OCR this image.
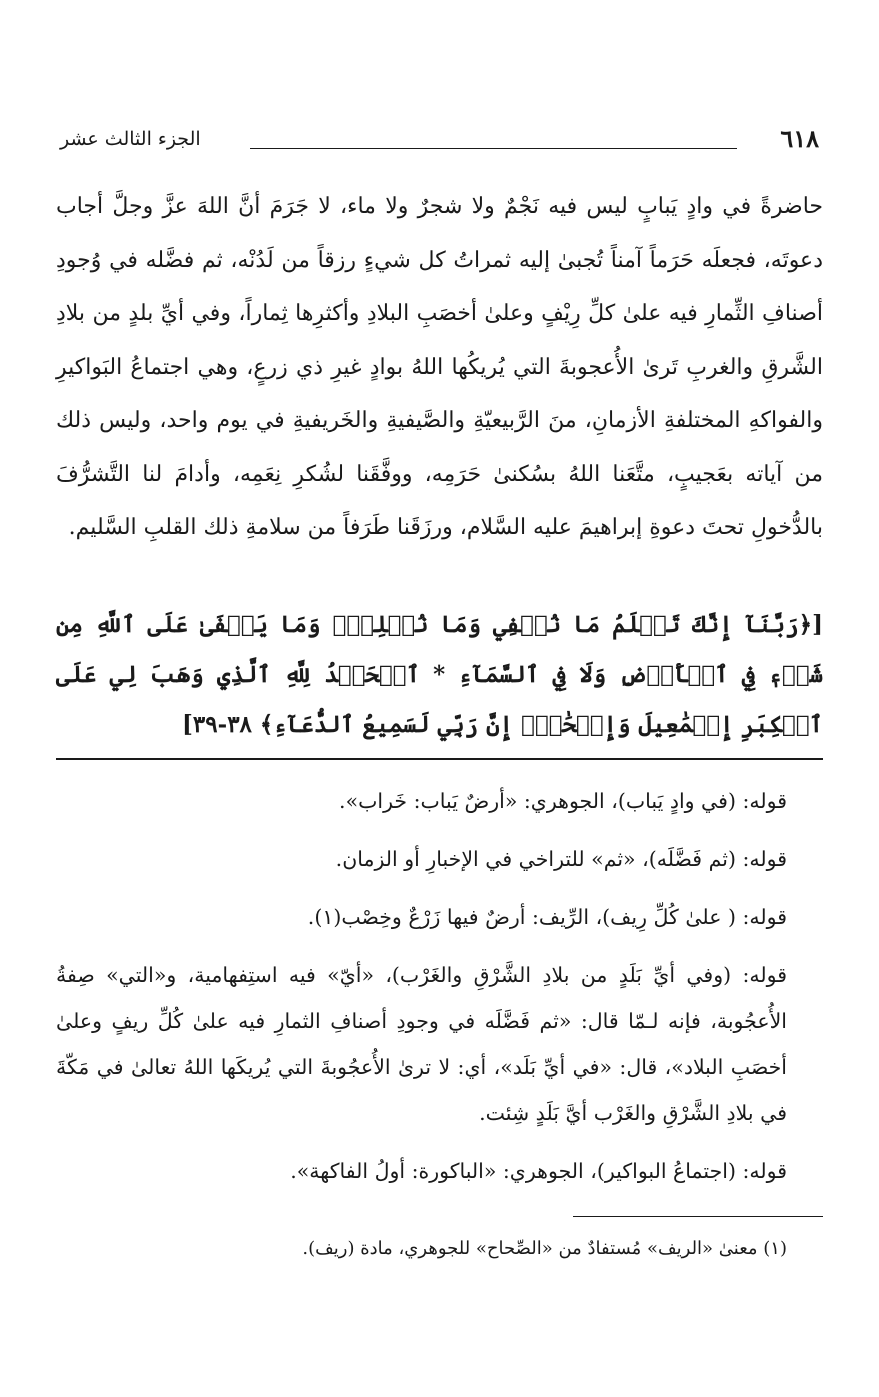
٦١٨
الجزء الثالث عشر
حاضرةً في وادٍ يَبابٍ ليس فيه نَجْمٌ ولا شجرٌ ولا ماء، لا جَرَمَ أنَّ اللهَ عزَّ وجلَّ أجاب دعوتَه، فجعلَه حَرَماً آمناً تُجبىٰ إليه ثمراتُ كل شيءٍ رزقاً من لَدُنْه، ثم فضَّله في وُجودِ أصنافِ الثِّمارِ فيه علىٰ كلِّ رِيْفٍ وعلىٰ أخصَبِ البلادِ وأكثرِها ثِماراً، وفي أيِّ بلدٍ من بلادِ الشَّرقِ والغربِ تَرىٰ الأُعجوبةَ التي يُريكُها اللهُ بوادٍ غيرِ ذي زرعٍ، وهي اجتماعُ البَواكيرِ والفواكهِ المختلفةِ الأزمانِ، منَ الرَّبيعيّةِ والصَّيفيةِ والخَريفيةِ في يوم واحد، وليس ذلك من آياته بعَجيبٍ، متَّعَنا اللهُ بسُكنىٰ حَرَمِه، ووفَّقَنا لشُكرِ نِعَمِه، وأدامَ لنا التَّشرُّفَ بالدُّخولِ تحتَ دعوةِ إبراهيمَ عليه السَّلام، ورزَقَنا طَرَفاً من سلامةِ ذلك القلبِ السَّليم.
[﴿رَبَّنَآ إِنَّكَ تَعۡلَمُ مَا نُخۡفِي وَمَا نُعۡلِنُۗ وَمَا يَخۡفَىٰ عَلَى ٱللَّهِ مِن شَيۡءٖ فِي ٱلۡأَرۡضِ وَلَا فِي ٱلسَّمَآءِ * ٱلۡحَمۡدُ لِلَّهِ ٱلَّذِي وَهَبَ لِي عَلَى ٱلۡكِبَرِ إِسۡمَٰعِيلَ وَإِسۡحَٰقَۚ إِنَّ رَبِّي لَسَمِيعُ ٱلدُّعَآءِ﴾ ٣٨-٣٩]

قوله: (في وادٍ يَباب)، الجوهري: «أرضٌ يَباب: خَراب».

قوله: (ثم فَضَّلَه)، «ثم» للتراخي في الإخبارِ أو الزمان.

قوله: ( علىٰ كُلِّ رِيف)، الرِّيف: أرضٌ فيها زَرْعٌ وخِصْب(١).

قوله: (وفي أيِّ بَلَدٍ من بلادِ الشَّرْقِ والغَرْب)، «أيّ» فيه استِفهامية، و«التي» صِفةُ الأُعجُوبة، فإنه لـمّا قال: «ثم فَضَّلَه في وجودِ أصنافِ الثمارِ فيه علىٰ كُلِّ ريفٍ وعلىٰ أخصَبِ البلاد»، قال: «في أيِّ بَلَد»، أي: لا ترىٰ الأُعجُوبةَ التي يُريكَها اللهُ تعالىٰ في مَكّةَ في بلادِ الشَّرْقِ والغَرْب أيَّ بَلَدٍ شِئت.

قوله: (اجتماعُ البواكير)، الجوهري: «الباكورة: أولُ الفاكهة».

(١) معنىٰ «الريف» مُستفادٌ من «الصِّحاح» للجوهري، مادة (ريف).
